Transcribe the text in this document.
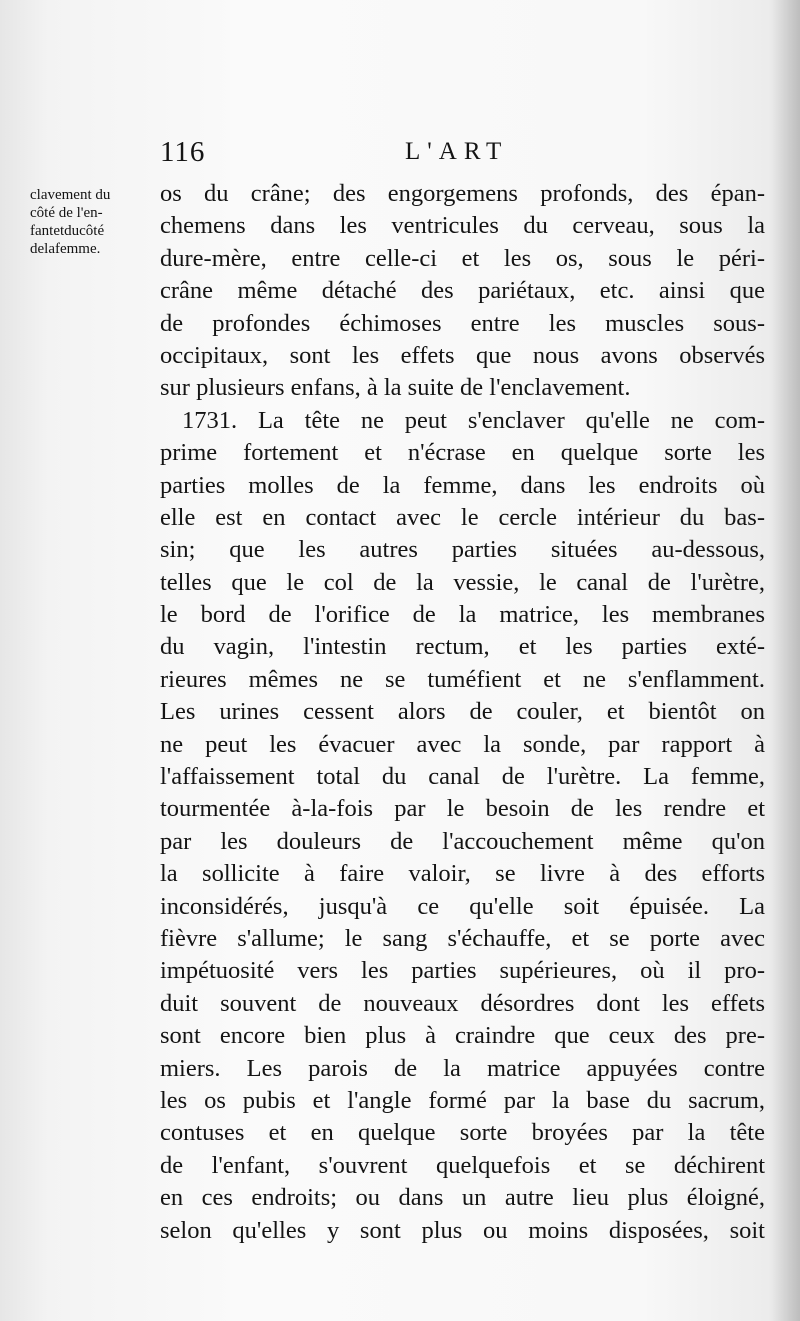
116	L'ART
clavement du
côté de l'en-
fantetducôté
delafemme.
os du crâne; des engorgemens profonds, des épan-
chemens dans les ventricules du cerveau, sous la
dure-mère, entre celle-ci et les os, sous le péri-
crâne même détaché des pariétaux, etc. ainsi que
de profondes échimoses entre les muscles sous-
occipitaux, sont les effets que nous avons observés
sur plusieurs enfans, à la suite de l'enclavement.
1731. La tête ne peut s'enclaver qu'elle ne com-
prime fortement et n'écrase en quelque sorte les
parties molles de la femme, dans les endroits où
elle est en contact avec le cercle intérieur du bas-
sin; que les autres parties situées au-dessous,
telles que le col de la vessie, le canal de l'urètre,
le bord de l'orifice de la matrice, les membranes
du vagin, l'intestin rectum, et les parties exté-
rieures mêmes ne se tuméfient et ne s'enflamment.
Les urines cessent alors de couler, et bientôt on
ne peut les évacuer avec la sonde, par rapport à
l'affaissement total du canal de l'urètre. La femme,
tourmentée à-la-fois par le besoin de les rendre et
par les douleurs de l'accouchement même qu'on
la sollicite à faire valoir, se livre à des efforts
inconsidérés, jusqu'à ce qu'elle soit épuisée. La
fièvre s'allume; le sang s'échauffe, et se porte avec
impétuosité vers les parties supérieures, où il pro-
duit souvent de nouveaux désordres dont les effets
sont encore bien plus à craindre que ceux des pre-
miers. Les parois de la matrice appuyées contre
les os pubis et l'angle formé par la base du sacrum,
contuses et en quelque sorte broyées par la tête
de l'enfant, s'ouvrent quelquefois et se déchirent
en ces endroits; ou dans un autre lieu plus éloigné,
selon qu'elles y sont plus ou moins disposées, soit
